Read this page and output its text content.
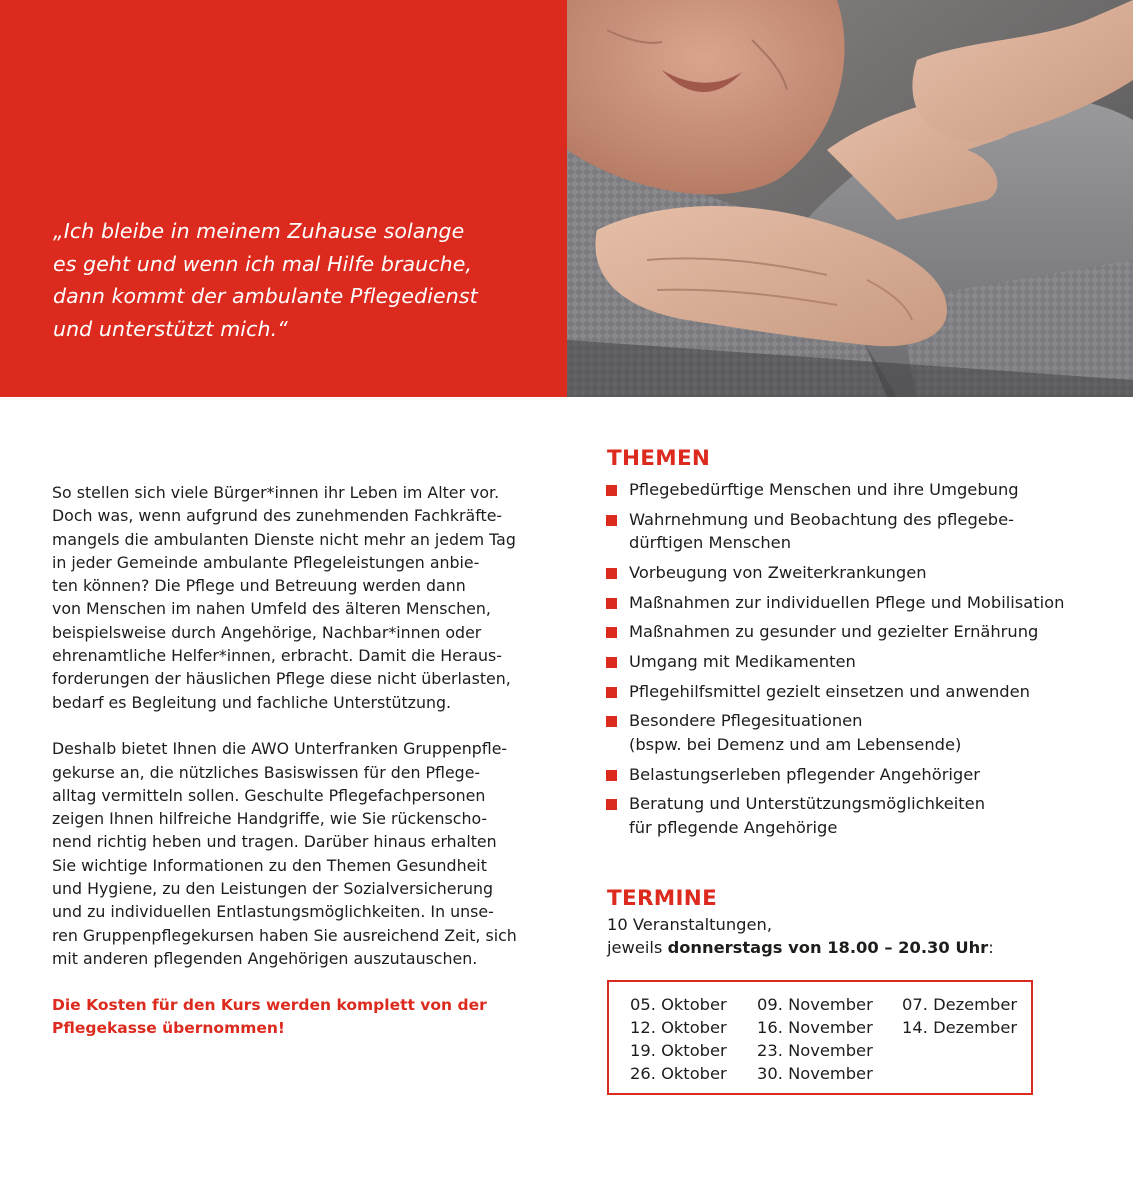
„Ich bleibe in meinem Zuhause solange
es geht und wenn ich mal Hilfe brauche,
dann kommt der ambulante Pflegedienst
und unterstützt mich.“

So stellen sich viele Bürger*innen ihr Leben im Alter vor.
Doch was, wenn aufgrund des zunehmenden Fachkräfte-
mangels die ambulanten Dienste nicht mehr an jedem Tag
in jeder Gemeinde ambulante Pflegeleistungen anbie-
ten können? Die Pflege und Betreuung werden dann
von Menschen im nahen Umfeld des älteren Menschen,
beispielsweise durch Angehörige, Nachbar*innen oder
ehrenamtliche Helfer*innen, erbracht. Damit die Heraus-
forderungen der häuslichen Pflege diese nicht überlasten,
bedarf es Begleitung und fachliche Unterstützung.

Deshalb bietet Ihnen die AWO Unterfranken Gruppenpfle-
gekurse an, die nützliches Basiswissen für den Pflege-
alltag vermitteln sollen. Geschulte Pflegefachpersonen
zeigen Ihnen hilfreiche Handgriffe, wie Sie rückenscho-
nend richtig heben und tragen. Darüber hinaus erhalten
Sie wichtige Informationen zu den Themen Gesundheit
und Hygiene, zu den Leistungen der Sozialversicherung
und zu individuellen Entlastungsmöglichkeiten. In unse-
ren Gruppenpflegekursen haben Sie ausreichend Zeit, sich
mit anderen pflegenden Angehörigen auszutauschen.

Die Kosten für den Kurs werden komplett von der
Pflegekasse übernommen!

THEMEN
Pflegebedürftige Menschen und ihre Umgebung
Wahrnehmung und Beobachtung des pflegebe-
dürftigen Menschen
Vorbeugung von Zweiterkrankungen
Maßnahmen zur individuellen Pflege und Mobilisation
Maßnahmen zu gesunder und gezielter Ernährung
Umgang mit Medikamenten
Pflegehilfsmittel gezielt einsetzen und anwenden
Besondere Pflegesituationen
(bspw. bei Demenz und am Lebensende)
Belastungserleben pflegender Angehöriger
Beratung und Unterstützungsmöglichkeiten
für pflegende Angehörige
TERMINE
10 Veranstaltungen,
jeweils donnerstags von 18.00 – 20.30 Uhr:
05. Oktober
12. Oktober
19. Oktober
26. Oktober
09. November
16. November
23. November
30. November
07. Dezember
14. Dezember
